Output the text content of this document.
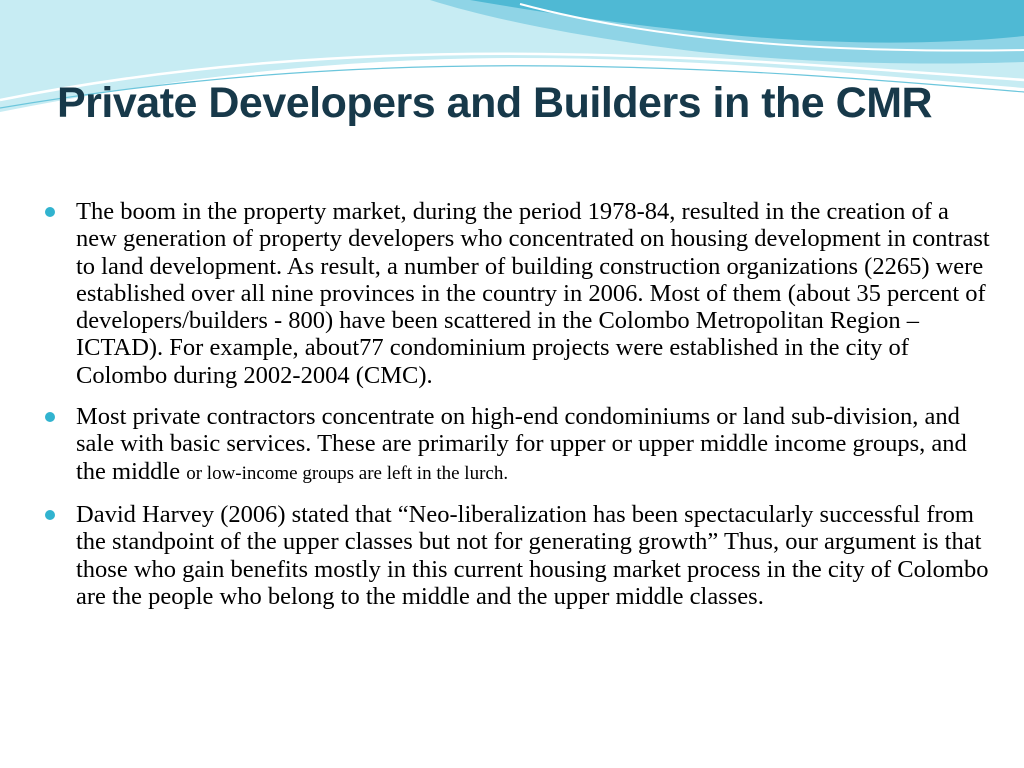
Private Developers and Builders in the CMR
The boom in the property market, during the period 1978-84, resulted in the creation of a new generation of property developers who concentrated on housing development in contrast to land development. As result, a number of building construction organizations (2265) were established over all nine provinces in the country in 2006. Most of them (about 35 percent of developers/builders - 800) have been scattered in the Colombo Metropolitan Region – ICTAD). For example, about77 condominium projects were established in the city of Colombo during 2002-2004 (CMC).
Most private contractors concentrate on high-end condominiums or land sub-division, and sale with basic services. These are primarily for upper or upper middle income groups, and the middle or low-income groups are left in the lurch.
David Harvey (2006) stated that “Neo-liberalization has been spectacularly successful from the standpoint of the upper classes but not for generating growth” Thus, our argument is that those who gain benefits mostly in this current housing market process in the city of Colombo are the people who belong to the middle and the upper middle classes.
